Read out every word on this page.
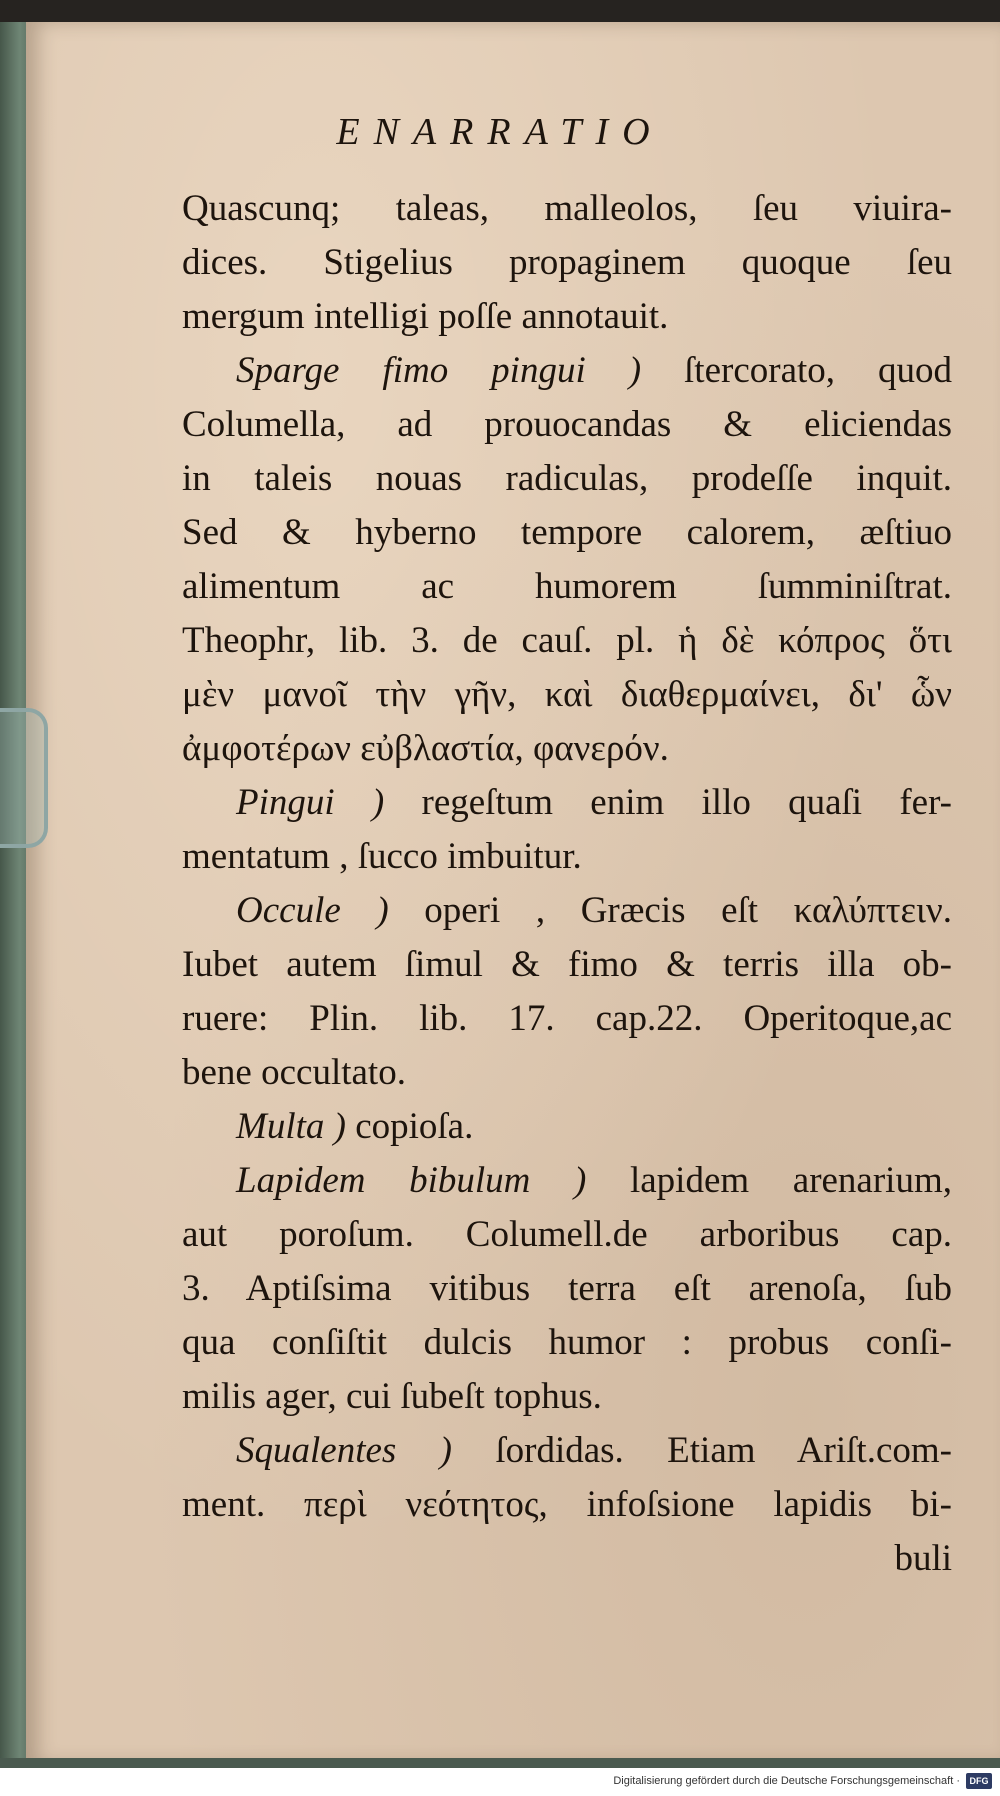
ENARRATIO
Quascunq; taleas, malleolos, ſeu viuira-
dices. Stigelius propaginem quoque ſeu
mergum intelligi poſſe annotauit.
Sparge fimo pingui ) ſtercorato, quod
Columella, ad prouocandas & eliciendas
in taleis nouas radiculas, prodeſſe inquit.
Sed & hyberno tempore calorem, æſtiuo
alimentum ac humorem ſumminiſtrat.
Theophr, lib. 3. de cauſ. pl. ἡ δὲ κόπρος ὅτι
μὲν μανοῖ τὴν γῆν, καὶ διαθερμαίνει, δι' ὧν
ἀμφοτέρων εὐβλαστία, φανερόν.
Pingui ) regeſtum enim illo quaſi fer-
mentatum , ſucco imbuitur.
Occule ) operi , Græcis eſt καλύπτειν.
Iubet autem ſimul & fimo & terris illa ob-
ruere: Plin. lib. 17. cap.22. Operitoque,ac
bene occultato.
Multa ) copioſa.
Lapidem bibulum ) lapidem arenarium,
aut poroſum. Columell.de arboribus cap.
3. Aptiſsima vitibus terra eſt arenoſa, ſub
qua conſiſtit dulcis humor : probus conſi-
milis ager, cui ſubeſt tophus.
Squalentes ) ſordidas. Etiam Ariſt.com-
ment. περὶ νεότητος, infoſsione lapidis bi-
buli
Digitalisierung gefördert durch die Deutsche Forschungsgemeinschaft ·	DFG
